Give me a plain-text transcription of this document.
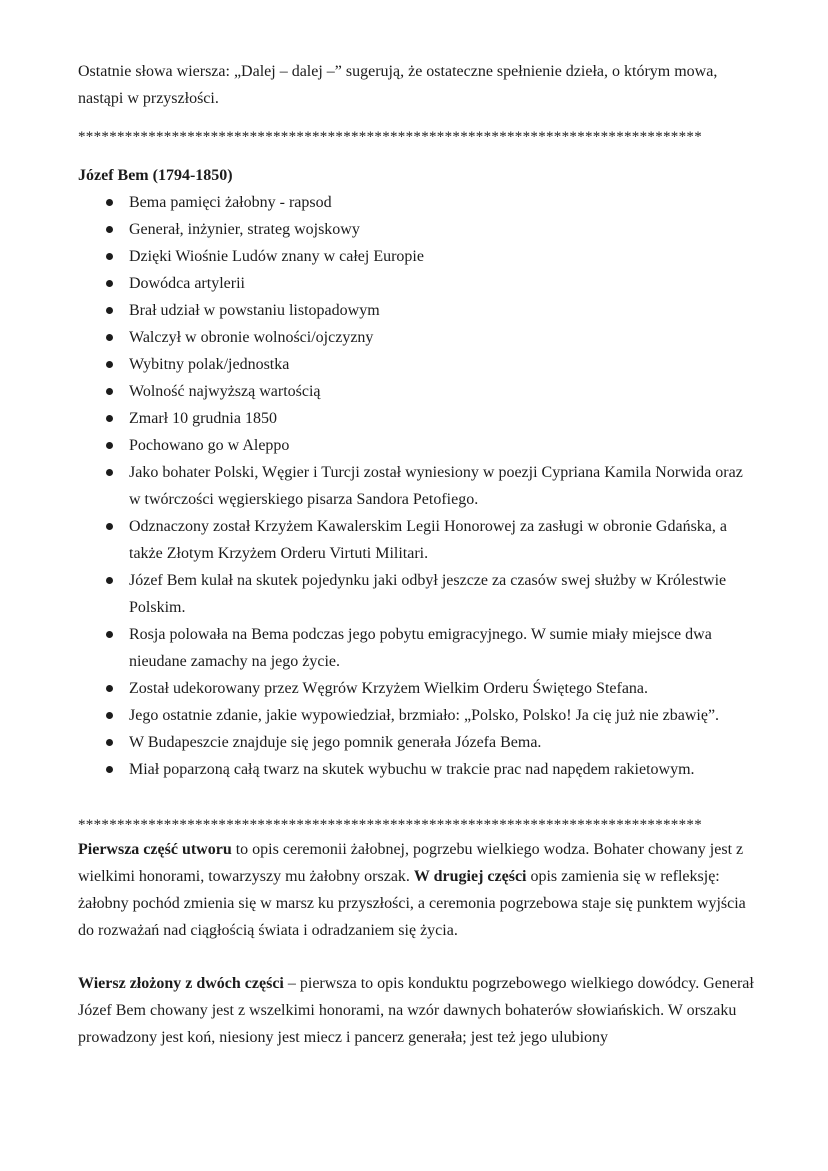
Ostatnie słowa wiersza: „Dalej – dalej –” sugerują, że ostateczne spełnienie dzieła, o którym mowa, nastąpi w przyszłości.

********************************************************************************

Józef Bem (1794-1850)

Bema pamięci żałobny - rapsod
Generał, inżynier, strateg wojskowy
Dzięki Wiośnie Ludów znany w całej Europie
Dowódca artylerii
Brał udział w powstaniu listopadowym
Walczył w obronie wolności/ojczyzny
Wybitny polak/jednostka
Wolność najwyższą wartością
Zmarł 10 grudnia 1850
Pochowano go w Aleppo
Jako bohater Polski, Węgier i Turcji został wyniesiony w poezji Cypriana Kamila Norwida oraz w twórczości węgierskiego pisarza Sandora Petofiego.
Odznaczony został Krzyżem Kawalerskim Legii Honorowej za zasługi w obronie Gdańska, a także Złotym Krzyżem Orderu Virtuti Militari.
Józef Bem kulał na skutek pojedynku jaki odbył jeszcze za czasów swej służby w Królestwie Polskim.
Rosja polowała na Bema podczas jego pobytu emigracyjnego. W sumie miały miejsce dwa nieudane zamachy na jego życie.
Został udekorowany przez Węgrów Krzyżem Wielkim Orderu Świętego Stefana.
Jego ostatnie zdanie, jakie wypowiedział, brzmiało: „Polsko, Polsko! Ja cię już nie zbawię”.
W Budapeszcie znajduje się jego pomnik generała Józefa Bema.
Miał poparzoną całą twarz na skutek wybuchu w trakcie prac nad napędem rakietowym.
********************************************************************************

Pierwsza część utworu to opis ceremonii żałobnej, pogrzebu wielkiego wodza. Bohater chowany jest z wielkimi honorami, towarzyszy mu żałobny orszak. W drugiej części opis zamienia się w refleksję: żałobny pochód zmienia się w marsz ku przyszłości, a ceremonia pogrzebowa staje się punktem wyjścia do rozważań nad ciągłością świata i odradzaniem się życia.

Wiersz złożony z dwóch części – pierwsza to opis konduktu pogrzebowego wielkiego dowódcy. Generał Józef Bem chowany jest z wszelkimi honorami, na wzór dawnych bohaterów słowiańskich. W orszaku prowadzony jest koń, niesiony jest miecz i pancerz generała; jest też jego ulubiony
